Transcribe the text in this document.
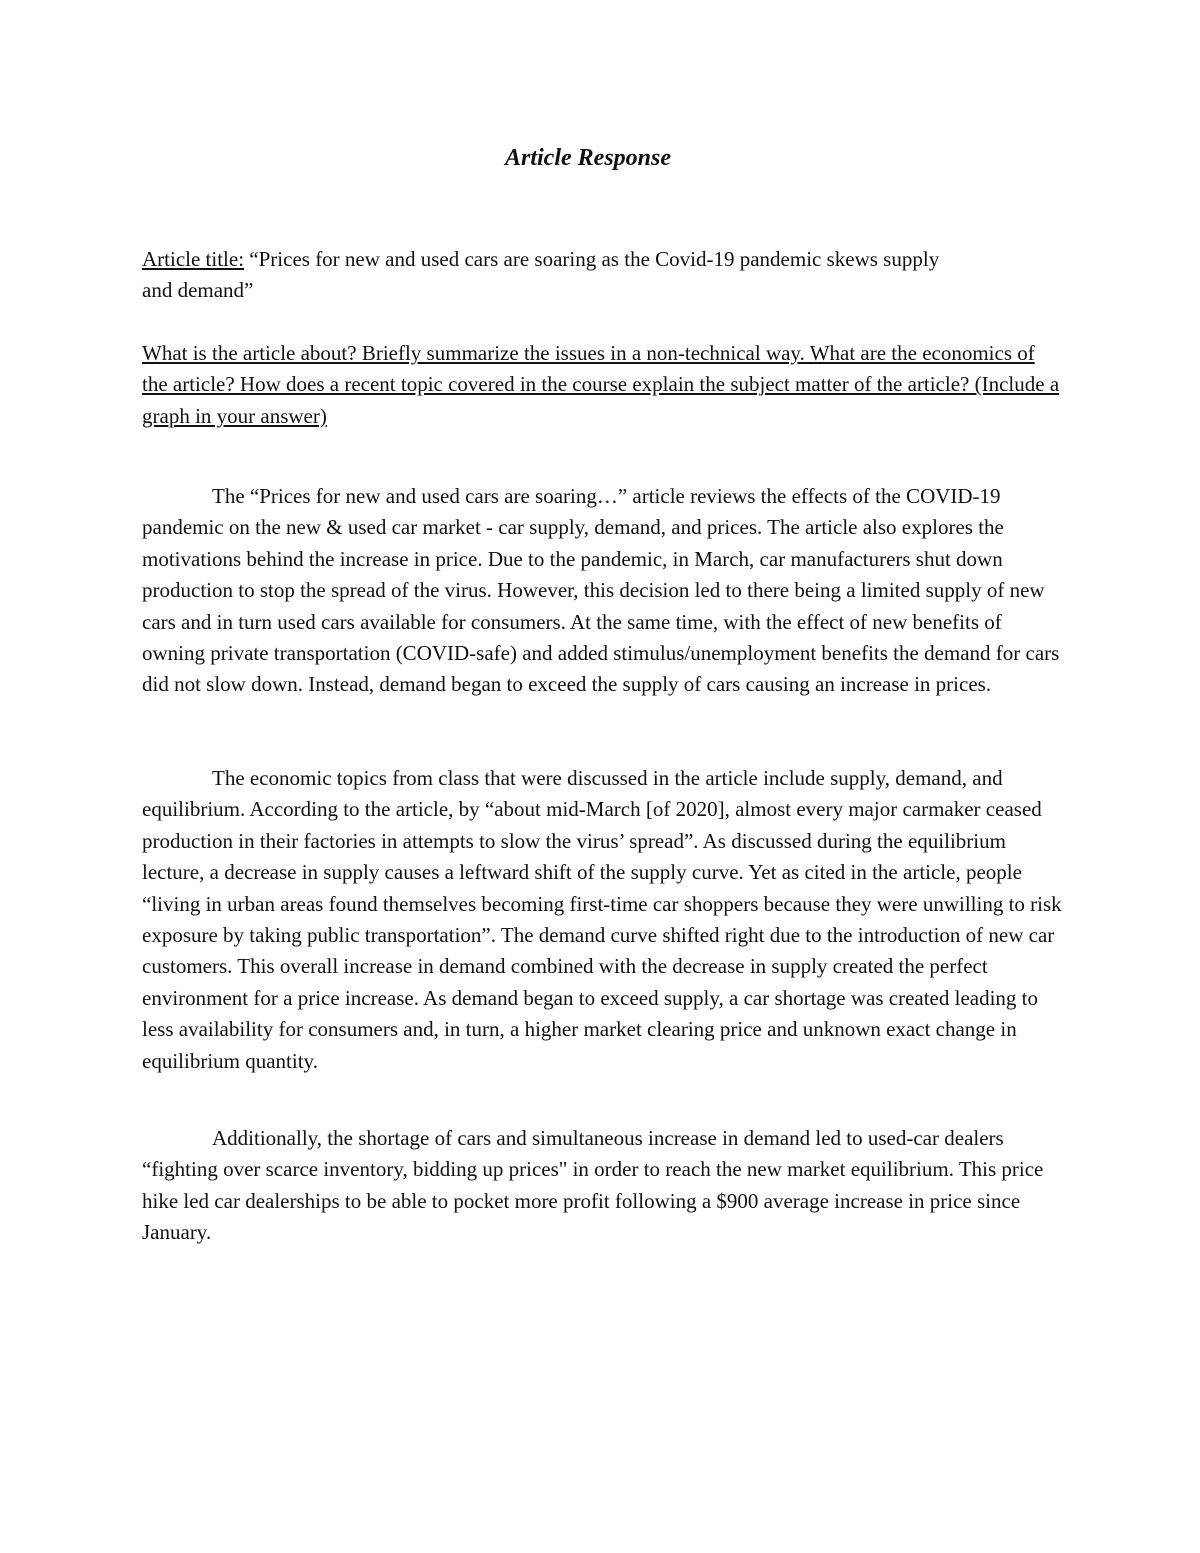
Article Response
Article title: “Prices for new and used cars are soaring as the Covid-19 pandemic skews supply and demand”
What is the article about? Briefly summarize the issues in a non-technical way. What are the economics of the article? How does a recent topic covered in the course explain the subject matter of the article? (Include a graph in your answer)

The “Prices for new and used cars are soaring…” article reviews the effects of the COVID-19 pandemic on the new & used car market - car supply, demand, and prices. The article also explores the motivations behind the increase in price. Due to the pandemic, in March, car manufacturers shut down production to stop the spread of the virus. However, this decision led to there being a limited supply of new cars and in turn used cars available for consumers. At the same time, with the effect of new benefits of owning private transportation (COVID-safe) and added stimulus/unemployment benefits the demand for cars did not slow down. Instead, demand began to exceed the supply of cars causing an increase in prices.

The economic topics from class that were discussed in the article include supply, demand, and equilibrium. According to the article, by “about mid-March [of 2020], almost every major carmaker ceased production in their factories in attempts to slow the virus’ spread”. As discussed during the equilibrium lecture, a decrease in supply causes a leftward shift of the supply curve. Yet as cited in the article, people “living in urban areas found themselves becoming first-time car shoppers because they were unwilling to risk exposure by taking public transportation”. The demand curve shifted right due to the introduction of new car customers. This overall increase in demand combined with the decrease in supply created the perfect environment for a price increase. As demand began to exceed supply, a car shortage was created leading to less availability for consumers and, in turn, a higher market clearing price and unknown exact change in equilibrium quantity.

Additionally, the shortage of cars and simultaneous increase in demand led to used-car dealers “fighting over scarce inventory, bidding up prices" in order to reach the new market equilibrium. This price hike led car dealerships to be able to pocket more profit following a $900 average increase in price since January.
